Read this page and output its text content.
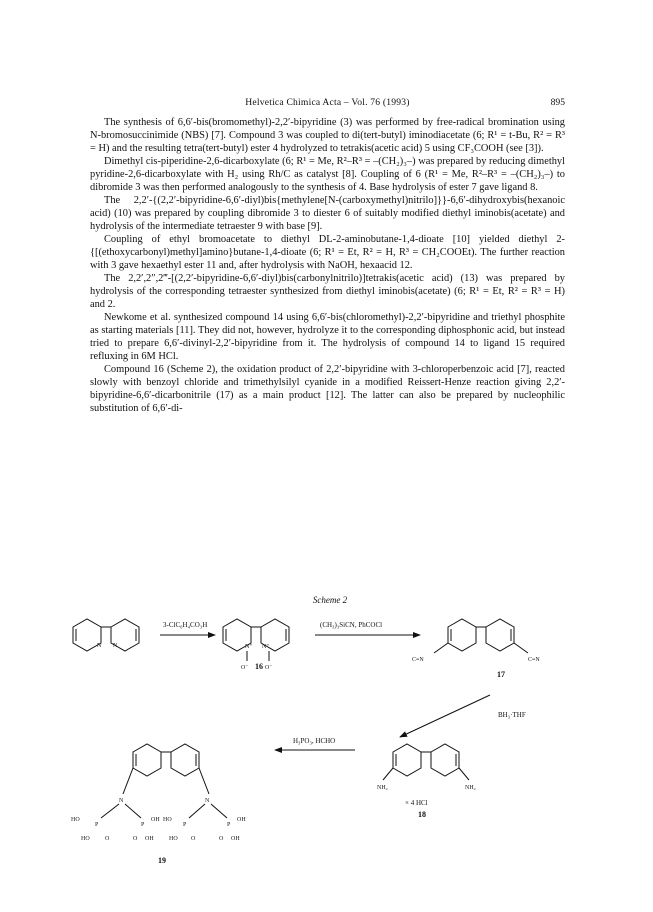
Helvetica Chimica Acta – Vol. 76 (1993)	895

The synthesis of 6,6′-bis(bromomethyl)-2,2′-bipyridine (3) was performed by free-radical bromination using N-bromosuccinimide (NBS) [7]. Compound 3 was coupled to di(tert-butyl) iminodiacetate (6; R¹ = t-Bu, R² = R³ = H) and the resulting tetra(tert-butyl) ester 4 hydrolyzed to tetrakis(acetic acid) 5 using CF₃COOH (see [3]).

Dimethyl cis-piperidine-2,6-dicarboxylate (6; R¹ = Me, R²–R³ = –(CH₂)₃–) was prepared by reducing dimethyl pyridine-2,6-dicarboxylate with H₂ using Rh/C as catalyst [8]. Coupling of 6 (R¹ = Me, R²–R³ = –(CH₂)₃–) to dibromide 3 was then performed analogously to the synthesis of 4. Base hydrolysis of ester 7 gave ligand 8.

The 2,2′-{(2,2′-bipyridine-6,6′-diyl)bis{methylene[N-(carboxymethyl)nitrilo]}}-6,6′-dihydroxybis(hexanoic acid) (10) was prepared by coupling dibromide 3 to diester 6 of suitably modified diethyl iminobis(acetate) and hydrolysis of the intermediate tetraester 9 with base [9].

Coupling of ethyl bromoacetate to diethyl DL-2-aminobutane-1,4-dioate [10] yielded diethyl 2-{[(ethoxycarbonyl)methyl]amino}butane-1,4-dioate (6; R¹ = Et, R² = H, R³ = CH₂COOEt). The further reaction with 3 gave hexaethyl ester 11 and, after hydrolysis with NaOH, hexaacid 12.

The 2,2′,2″,2‴-[(2,2′-bipyridine-6,6′-diyl)bis(carbonylnitrilo)]tetrakis(acetic acid) (13) was prepared by hydrolysis of the corresponding tetraester synthesized from diethyl iminobis(acetate) (6; R¹ = Et, R² = R³ = H) and 2.

Newkome et al. synthesized compound 14 using 6,6′-bis(chloromethyl)-2,2′-bipyridine and triethyl phosphite as starting materials [11]. They did not, however, hydrolyze it to the corresponding diphosphonic acid, but instead tried to prepare 6,6′-divinyl-2,2′-bipyridine from it. The hydrolysis of compound 14 to ligand 15 required refluxing in 6M HCl.

Compound 16 (Scheme 2), the oxidation product of 2,2′-bipyridine with 3-chloroperbenzoic acid [7], reacted slowly with benzoyl chloride and trimethylsilyl cyanide in a modified Reissert-Henze reaction giving 2,2′-bipyridine-6,6′-dicarbonitrile (17) as a main product [12]. The latter can also be prepared by nucleophilic substitution of 6,6′-di-

Scheme 2
N N
3-ClC₆H₄CO₃H
N⁺ N⁺
O⁻	O⁻
16
(CH₃)₃SiCN, PhCOCl
C≡N	C≡N
17
BH₃·THF
NH₂	NH₂
× 4 HCl
18
H₃PO₃, HCHO
N	N
P	P	P	P
HO	OH HO	OH
HO	O	O OH	HO O	O OH
19
